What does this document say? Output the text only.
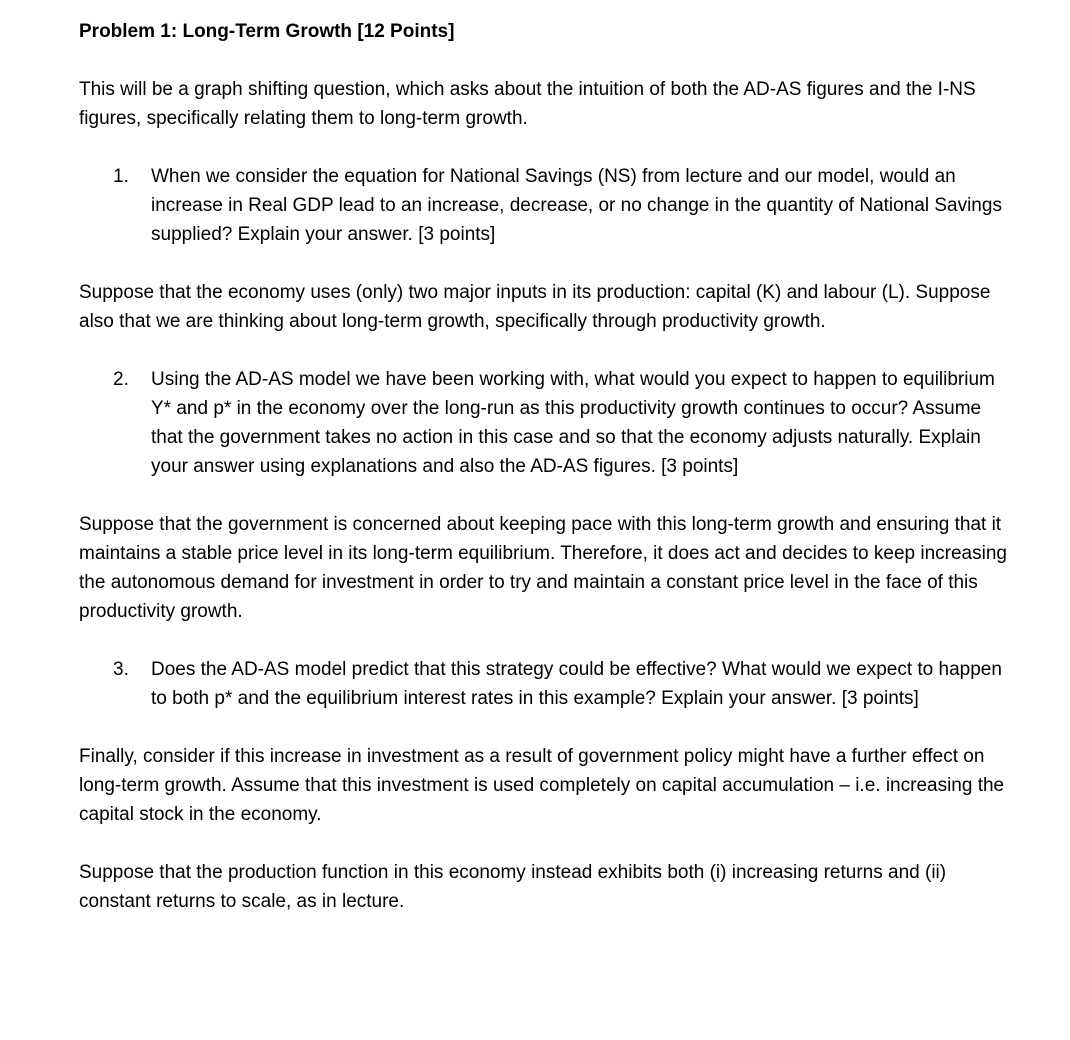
Problem 1: Long-Term Growth [12 Points]
This will be a graph shifting question, which asks about the intuition of both the AD-AS figures and the I-NS figures, specifically relating them to long-term growth.
1.	When we consider the equation for National Savings (NS) from lecture and our model, would an increase in Real GDP lead to an increase, decrease, or no change in the quantity of National Savings supplied? Explain your answer. [3 points]
Suppose that the economy uses (only) two major inputs in its production: capital (K) and labour (L). Suppose also that we are thinking about long-term growth, specifically through productivity growth.
2.	Using the AD-AS model we have been working with, what would you expect to happen to equilibrium Y* and p* in the economy over the long-run as this productivity growth continues to occur? Assume that the government takes no action in this case and so that the economy adjusts naturally. Explain your answer using explanations and also the AD-AS figures. [3 points]
Suppose that the government is concerned about keeping pace with this long-term growth and ensuring that it maintains a stable price level in its long-term equilibrium. Therefore, it does act and decides to keep increasing the autonomous demand for investment in order to try and maintain a constant price level in the face of this productivity growth.
3.	Does the AD-AS model predict that this strategy could be effective? What would we expect to happen to both p* and the equilibrium interest rates in this example? Explain your answer. [3 points]
Finally, consider if this increase in investment as a result of government policy might have a further effect on long-term growth. Assume that this investment is used completely on capital accumulation – i.e. increasing the capital stock in the economy.
Suppose that the production function in this economy instead exhibits both (i) increasing returns and (ii) constant returns to scale, as in lecture.
